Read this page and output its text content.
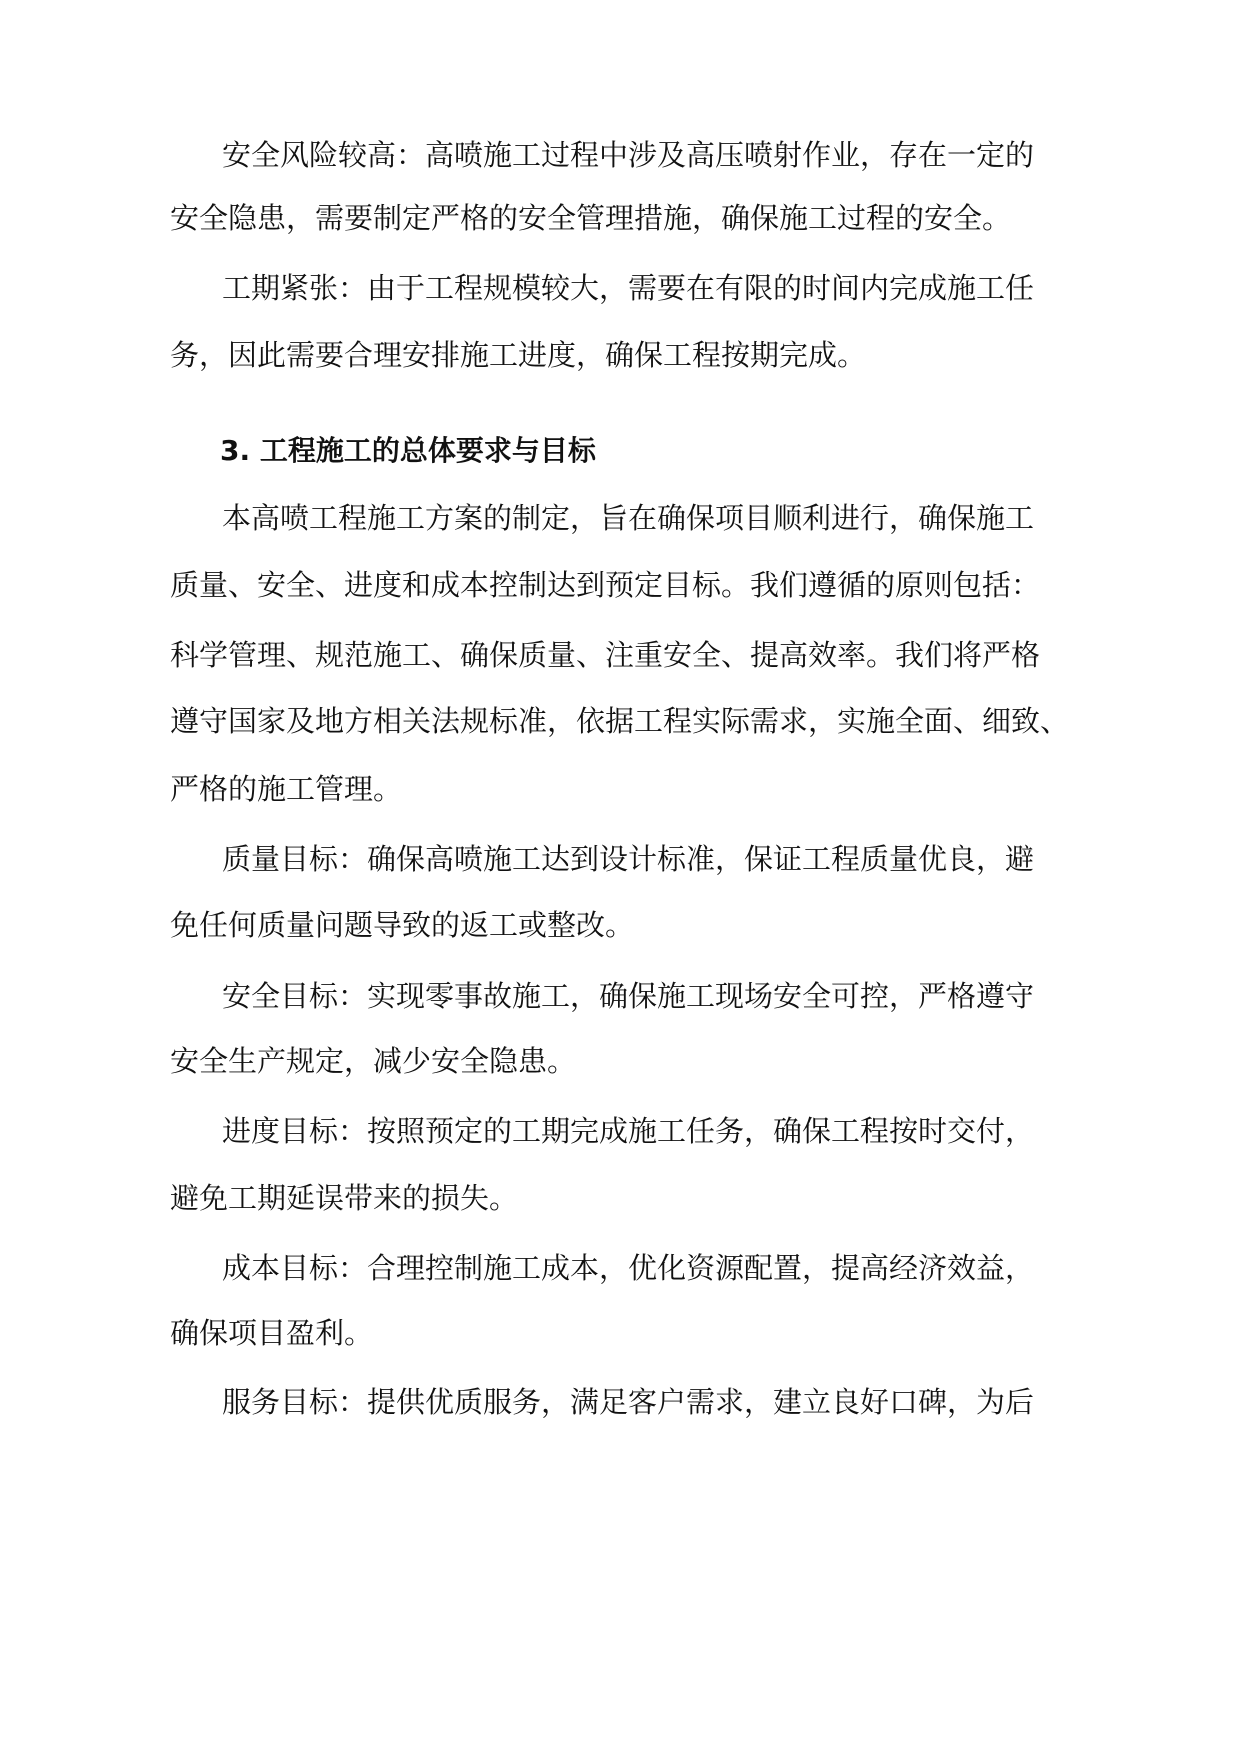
安全风险较高：高喷施工过程中涉及高压喷射作业，存在一定的
安全隐患，需要制定严格的安全管理措施，确保施工过程的安全。
工期紧张：由于工程规模较大，需要在有限的时间内完成施工任
务，因此需要合理安排施工进度，确保工程按期完成。
3. 工程施工的总体要求与目标
本高喷工程施工方案的制定，旨在确保项目顺利进行，确保施工
质量、安全、进度和成本控制达到预定目标。我们遵循的原则包括：
科学管理、规范施工、确保质量、注重安全、提高效率。我们将严格
遵守国家及地方相关法规标准，依据工程实际需求，实施全面、细致、
严格的施工管理。
质量目标：确保高喷施工达到设计标准，保证工程质量优良，避
免任何质量问题导致的返工或整改。
安全目标：实现零事故施工，确保施工现场安全可控，严格遵守
安全生产规定，减少安全隐患。
进度目标：按照预定的工期完成施工任务，确保工程按时交付，
避免工期延误带来的损失。
成本目标：合理控制施工成本，优化资源配置，提高经济效益，
确保项目盈利。
服务目标：提供优质服务，满足客户需求，建立良好口碑，为后
